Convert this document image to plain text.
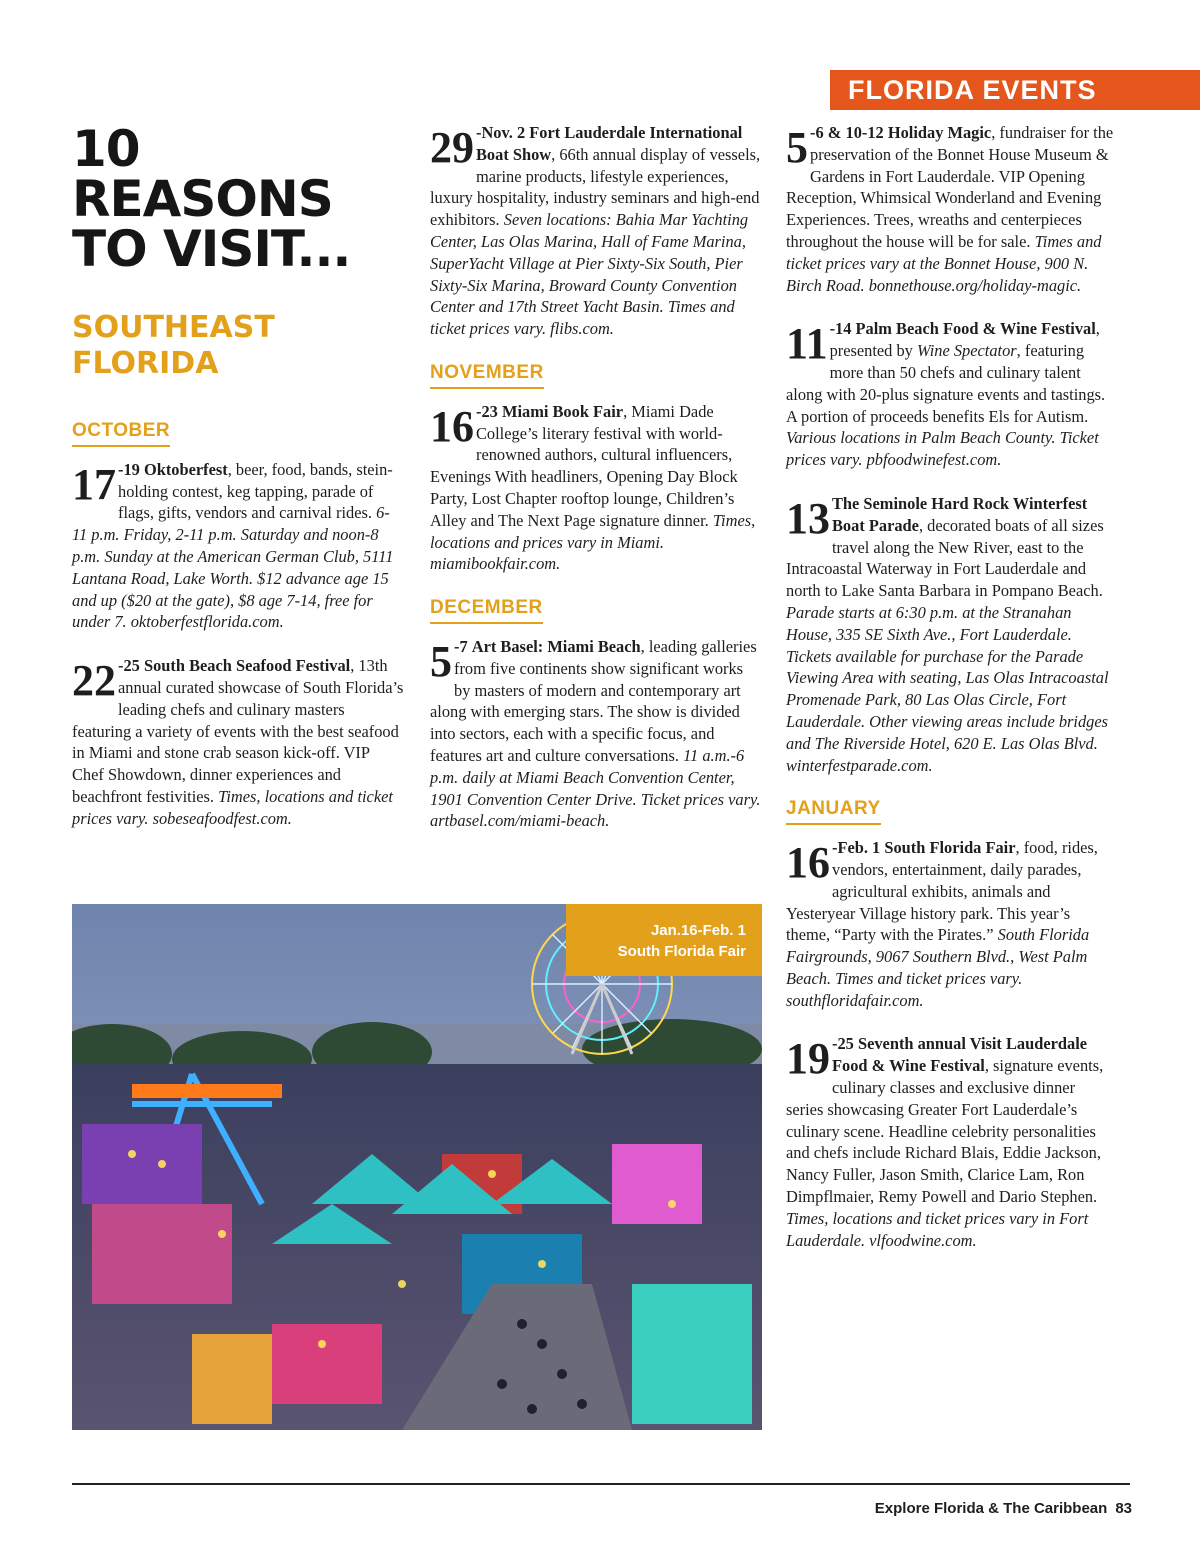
FLORIDA EVENTS
10 REASONS TO VISIT...
SOUTHEAST FLORIDA
OCTOBER

17 -19 Oktoberfest, beer, food, bands, stein-holding contest, keg tapping, parade of flags, gifts, vendors and carnival rides. 6-11 p.m. Friday, 2-11 p.m. Saturday and noon-8 p.m. Sunday at the American German Club, 5111 Lantana Road, Lake Worth. $12 advance age 15 and up ($20 at the gate), $8 age 7-14, free for under 7. oktoberfestflorida.com.

22 -25 South Beach Seafood Festival, 13th annual curated showcase of South Florida’s leading chefs and culinary masters featuring a variety of events with the best seafood in Miami and stone crab season kick-off. VIP Chef Showdown, dinner experiences and beachfront festivities. Times, locations and ticket prices vary. sobeseafoodfest.com.

29 -Nov. 2 Fort Lauderdale International Boat Show, 66th annual display of vessels, marine products, lifestyle experiences, luxury hospitality, industry seminars and high-end exhibitors. Seven locations: Bahia Mar Yachting Center, Las Olas Marina, Hall of Fame Marina, SuperYacht Village at Pier Sixty-Six South, Pier Sixty-Six Marina, Broward County Convention Center and 17th Street Yacht Basin. Times and ticket prices vary. flibs.com.

NOVEMBER

16 -23 Miami Book Fair, Miami Dade College’s literary festival with world-renowned authors, cultural influencers, Evenings With headliners, Opening Day Block Party, Lost Chapter rooftop lounge, Children’s Alley and The Next Page signature dinner. Times, locations and prices vary in Miami. miamibookfair.com.

DECEMBER

5 -7 Art Basel: Miami Beach, leading galleries from five continents show significant works by masters of modern and contemporary art along with emerging stars. The show is divided into sectors, each with a specific focus, and features art and culture conversations. 11 a.m.-6 p.m. daily at Miami Beach Convention Center, 1901 Convention Center Drive. Ticket prices vary. artbasel.com/miami-beach.

5 -6 & 10-12 Holiday Magic, fundraiser for the preservation of the Bonnet House Museum & Gardens in Fort Lauderdale. VIP Opening Reception, Whimsical Wonderland and Evening Experiences. Trees, wreaths and centerpieces throughout the house will be for sale. Times and ticket prices vary at the Bonnet House, 900 N. Birch Road. bonnethouse.org/holiday-magic.

11 -14 Palm Beach Food & Wine Festival, presented by Wine Spectator, featuring more than 50 chefs and culinary talent along with 20-plus signature events and tastings. A portion of proceeds benefits Els for Autism. Various locations in Palm Beach County. Ticket prices vary. pbfoodwinefest.com.

13 The Seminole Hard Rock Winterfest Boat Parade, decorated boats of all sizes travel along the New River, east to the Intracoastal Waterway in Fort Lauderdale and north to Lake Santa Barbara in Pompano Beach. Parade starts at 6:30 p.m. at the Stranahan House, 335 SE Sixth Ave., Fort Lauderdale. Tickets available for purchase for the Parade Viewing Area with seating, Las Olas Intracoastal Promenade Park, 80 Las Olas Circle, Fort Lauderdale. Other viewing areas include bridges and The Riverside Hotel, 620 E. Las Olas Blvd. winterfestparade.com.

JANUARY

16 -Feb. 1 South Florida Fair, food, rides, vendors, entertainment, daily parades, agricultural exhibits, animals and Yesteryear Village history park. This year’s theme, “Party with the Pirates.” South Florida Fairgrounds, 9067 Southern Blvd., West Palm Beach. Times and ticket prices vary. southfloridafair.com.

19 -25 Seventh annual Visit Lauderdale Food & Wine Festival, signature events, culinary classes and exclusive dinner series showcasing Greater Fort Lauderdale’s culinary scene. Headline celebrity personalities and chefs include Richard Blais, Eddie Jackson, Nancy Fuller, Jason Smith, Clarice Lam, Ron Dimpflmaier, Remy Powell and Dario Stephen. Times, locations and ticket prices vary in Fort Lauderdale. vlfoodwine.com.

Jan.16-Feb. 1
South Florida Fair
Explore Florida & The Caribbean 83
